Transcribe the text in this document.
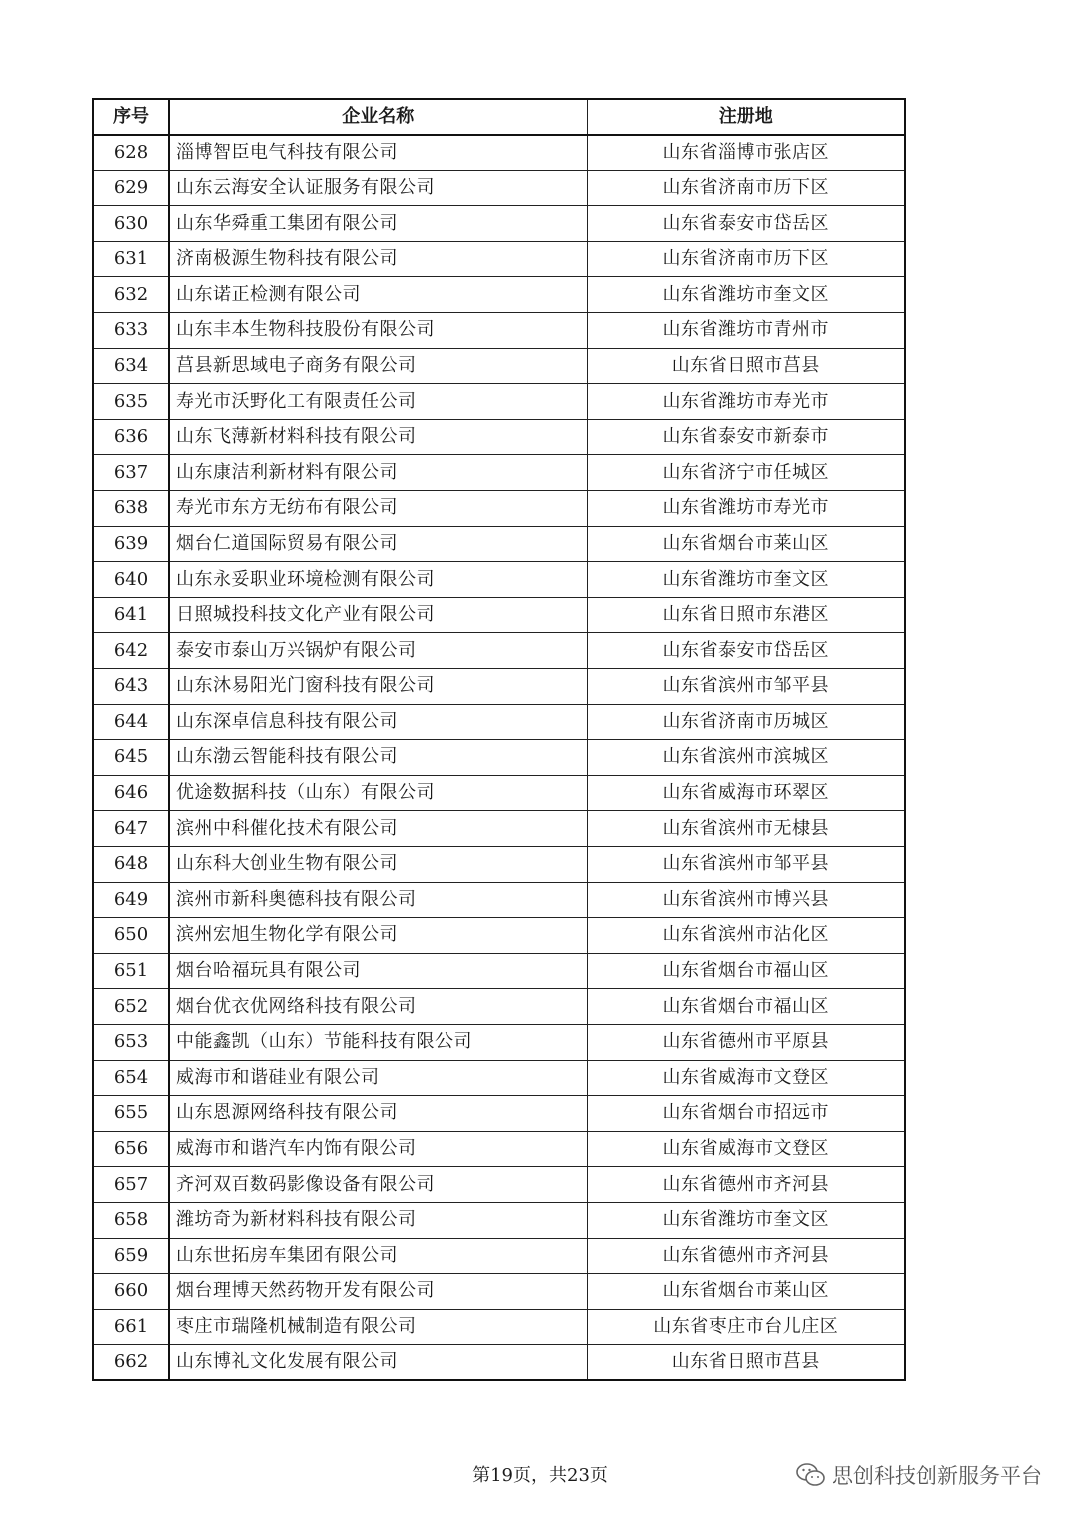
序号	企业名称	注册地
628	淄博智臣电气科技有限公司	山东省淄博市张店区
629	山东云海安全认证服务有限公司	山东省济南市历下区
630	山东华舜重工集团有限公司	山东省泰安市岱岳区
631	济南极源生物科技有限公司	山东省济南市历下区
632	山东诺正检测有限公司	山东省潍坊市奎文区
633	山东丰本生物科技股份有限公司	山东省潍坊市青州市
634	莒县新思域电子商务有限公司	山东省日照市莒县
635	寿光市沃野化工有限责任公司	山东省潍坊市寿光市
636	山东飞薄新材料科技有限公司	山东省泰安市新泰市
637	山东康洁利新材料有限公司	山东省济宁市任城区
638	寿光市东方无纺布有限公司	山东省潍坊市寿光市
639	烟台仁道国际贸易有限公司	山东省烟台市莱山区
640	山东永妥职业环境检测有限公司	山东省潍坊市奎文区
641	日照城投科技文化产业有限公司	山东省日照市东港区
642	泰安市泰山万兴锅炉有限公司	山东省泰安市岱岳区
643	山东沐易阳光门窗科技有限公司	山东省滨州市邹平县
644	山东深卓信息科技有限公司	山东省济南市历城区
645	山东渤云智能科技有限公司	山东省滨州市滨城区
646	优途数据科技（山东）有限公司	山东省威海市环翠区
647	滨州中科催化技术有限公司	山东省滨州市无棣县
648	山东科大创业生物有限公司	山东省滨州市邹平县
649	滨州市新科奥德科技有限公司	山东省滨州市博兴县
650	滨州宏旭生物化学有限公司	山东省滨州市沾化区
651	烟台哈福玩具有限公司	山东省烟台市福山区
652	烟台优衣优网络科技有限公司	山东省烟台市福山区
653	中能鑫凯（山东）节能科技有限公司	山东省德州市平原县
654	威海市和谐硅业有限公司	山东省威海市文登区
655	山东恩源网络科技有限公司	山东省烟台市招远市
656	威海市和谐汽车内饰有限公司	山东省威海市文登区
657	齐河双百数码影像设备有限公司	山东省德州市齐河县
658	潍坊奇为新材料科技有限公司	山东省潍坊市奎文区
659	山东世拓房车集团有限公司	山东省德州市齐河县
660	烟台理博天然药物开发有限公司	山东省烟台市莱山区
661	枣庄市瑞隆机械制造有限公司	山东省枣庄市台儿庄区
662	山东博礼文化发展有限公司	山东省日照市莒县
第19页，共23页	思创科技创新服务平台
